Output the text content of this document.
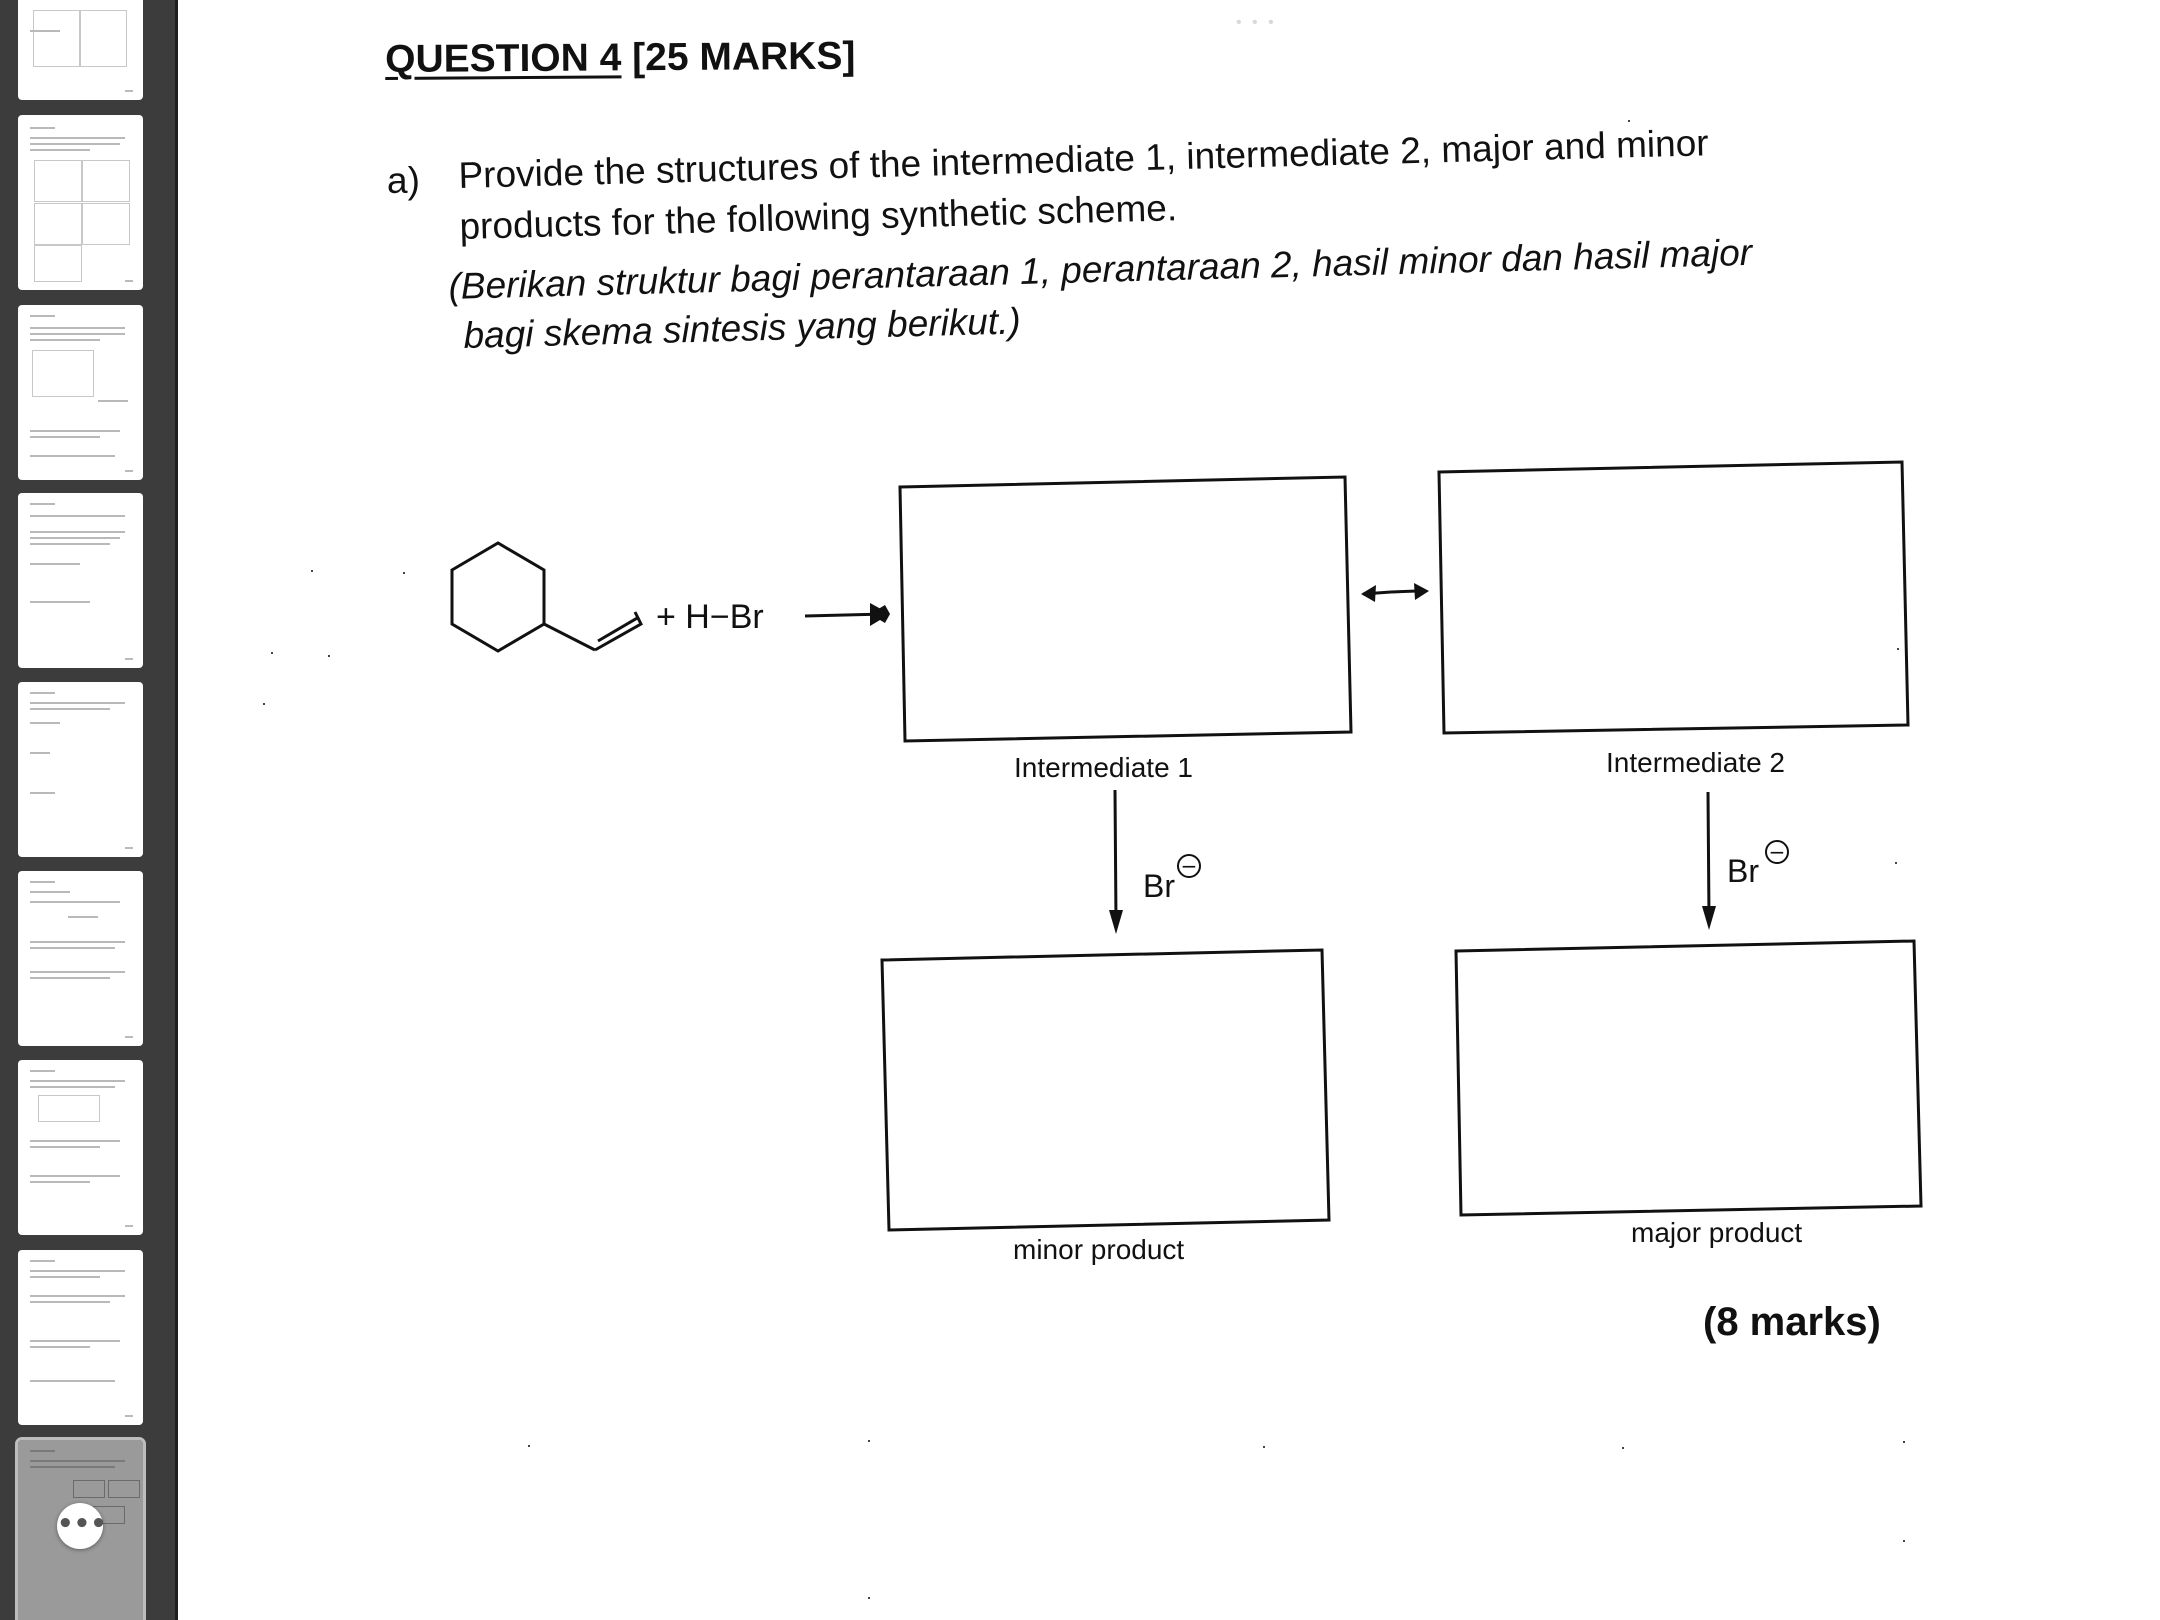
•••
• • •
QUESTION 4 [25 MARKS]
a) Provide the structures of the intermediate 1, intermediate 2, major and minor
products for the following synthetic scheme.
(Berikan struktur bagi perantaraan 1, perantaraan 2, hasil minor dan hasil major
bagi skema sintesis yang berikut.)
−
−
+ H−Br
Intermediate 1	Intermediate 2
Br	Br
minor product
major product
(8 marks)
